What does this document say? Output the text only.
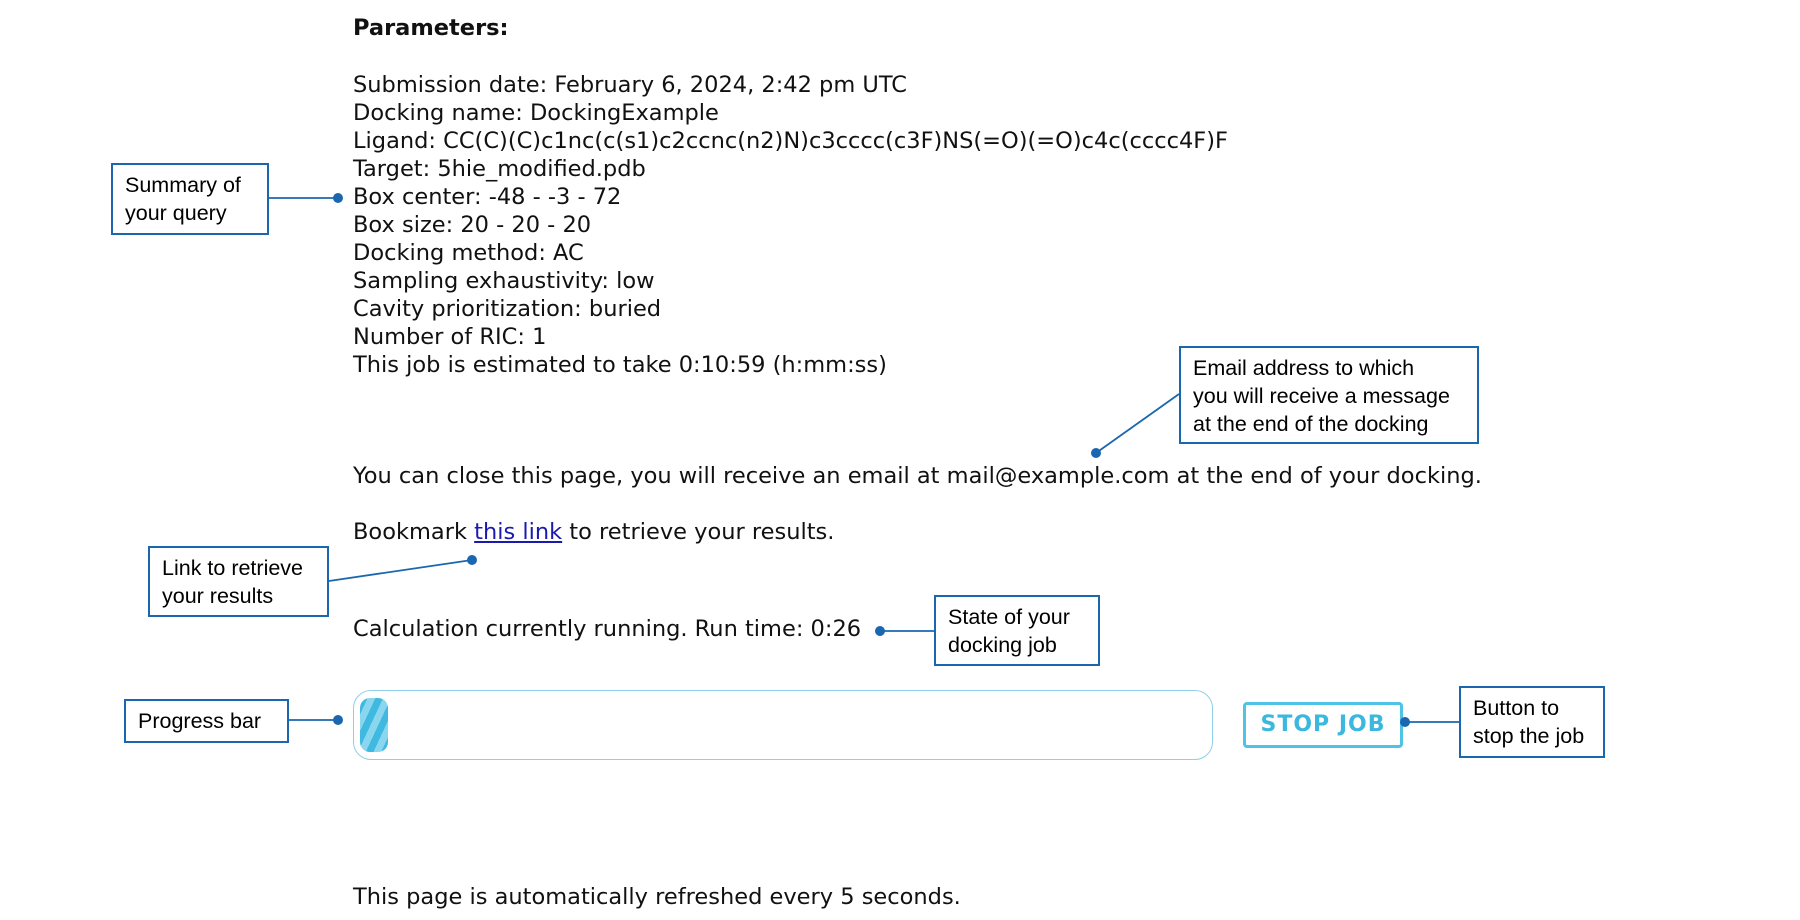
Parameters:
Submission date: February 6, 2024, 2:42 pm UTC
Docking name: DockingExample
Ligand: CC(C)(C)c1nc(c(s1)c2ccnc(n2)N)c3cccc(c3F)NS(=O)(=O)c4c(cccc4F)F
Target: 5hie_modified.pdb
Box center: -48 - -3 - 72
Box size: 20 - 20 - 20
Docking method: AC
Sampling exhaustivity: low
Cavity prioritization: buried
Number of RIC: 1
This job is estimated to take 0:10:59 (h:mm:ss)
You can close this page, you will receive an email at mail@example.com at the end of your docking.
Bookmark this link to retrieve your results.
Calculation currently running. Run time: 0:26
This page is automatically refreshed every 5 seconds.
STOP JOB
Summary of
your query
Email address to which
you will receive a message
at the end of the docking
Link to retrieve
your results
State of your
docking job
Progress bar
Button to
stop the job
